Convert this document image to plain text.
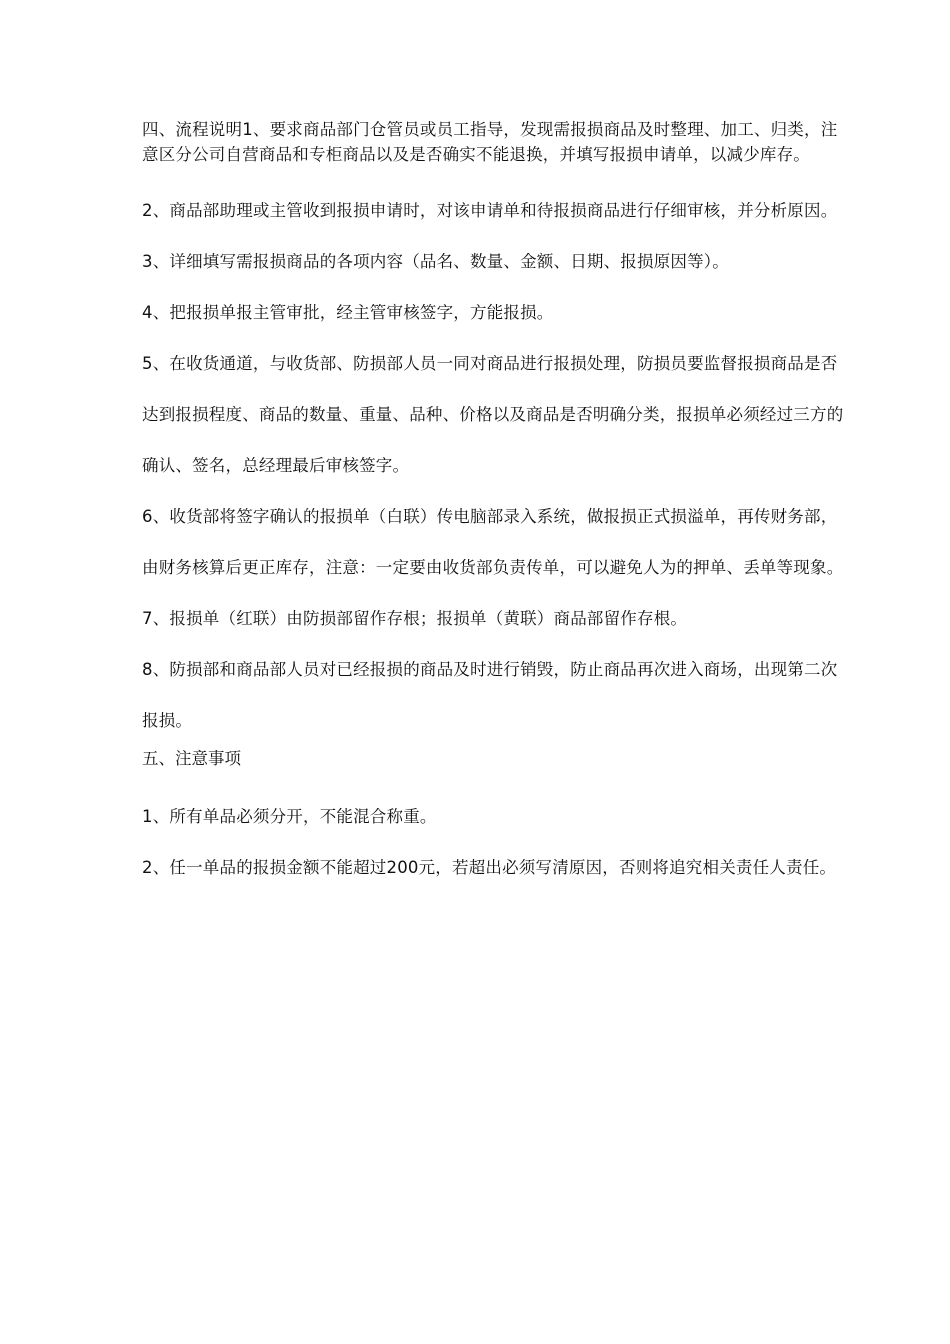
四、流程说明1、要求商品部门仓管员或员工指导，发现需报损商品及时整理、加工、归类，注意区分公司自营商品和专柜商品以及是否确实不能退换，并填写报损申请单，以减少库存。

2、商品部助理或主管收到报损申请时，对该申请单和待报损商品进行仔细审核，并分析原因。

3、详细填写需报损商品的各项内容（品名、数量、金额、日期、报损原因等）。

4、把报损单报主管审批，经主管审核签字，方能报损。

5、在收货通道，与收货部、防损部人员一同对商品进行报损处理，防损员要监督报损商品是否达到报损程度、商品的数量、重量、品种、价格以及商品是否明确分类，报损单必须经过三方的确认、签名，总经理最后审核签字。

6、收货部将签字确认的报损单（白联）传电脑部录入系统，做报损正式损溢单，再传财务部，由财务核算后更正库存，注意：一定要由收货部负责传单，可以避免人为的押单、丢单等现象。

7、报损单（红联）由防损部留作存根；报损单（黄联）商品部留作存根。

8、防损部和商品部人员对已经报损的商品及时进行销毁，防止商品再次进入商场，出现第二次报损。

五、注意事项

1、所有单品必须分开，不能混合称重。

2、任一单品的报损金额不能超过200元，若超出必须写清原因，否则将追究相关责任人责任。
